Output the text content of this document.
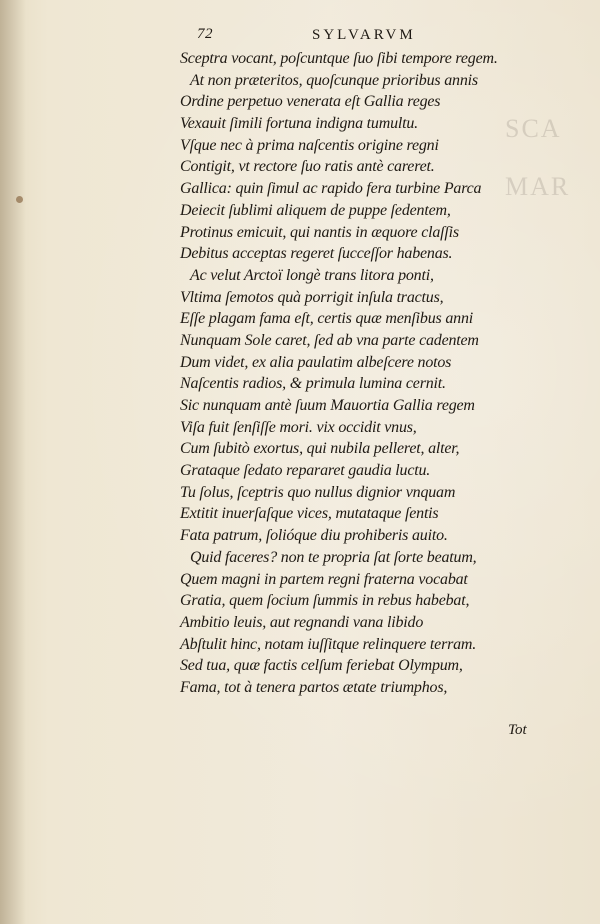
SCA
MAR
72	SYLVARVM
Sceptra vocant, poſcuntque ſuo ſibi tempore regem.
At non præteritos, quoſcunque prioribus annis
Ordine perpetuo venerata eſt Gallia reges
Vexauit ſimili fortuna indigna tumultu.
Vſque nec à prima naſcentis origine regni
Contigit, vt rectore ſuo ratis antè careret.
Gallica: quin ſimul ac rapido fera turbine Parca
Deiecit ſublimi aliquem de puppe ſedentem,
Protinus emicuit, qui nantis in æquore claſſis
Debitus acceptas regeret ſucceſſor habenas.
Ac velut Arctoï longè trans litora ponti,
Vltima ſemotos quà porrigit inſula tractus,
Eſſe plagam fama eſt, certis quæ menſibus anni
Nunquam Sole caret, ſed ab vna parte cadentem
Dum videt, ex alia paulatim albeſcere notos
Naſcentis radios, & primula lumina cernit.
Sic nunquam antè ſuum Mauortia Gallia regem
Viſa fuit ſenſiſſe mori. vix occidit vnus,
Cum ſubitò exortus, qui nubila pelleret, alter,
Grataque ſedato repararet gaudia luctu.
Tu ſolus, ſceptris quo nullus dignior vnquam
Extitit inuerſaſque vices, mutataque ſentis
Fata patrum, ſolióque diu prohiberis auito.
Quid faceres? non te propria ſat ſorte beatum,
Quem magni in partem regni fraterna vocabat
Gratia, quem ſocium ſummis in rebus habebat,
Ambitio leuis, aut regnandi vana libido
Abſtulit hinc, notam iuſſitque relinquere terram.
Sed tua, quæ factis celſum feriebat Olympum,
Fama, tot à tenera partos ætate triumphos,
Tot
